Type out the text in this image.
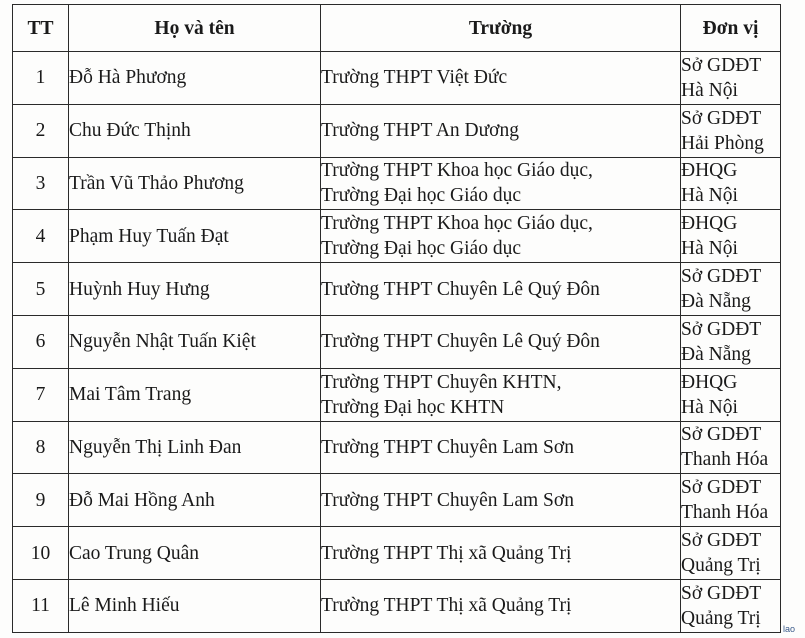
TT	Họ và tên	Trường	Đơn vị
1	Đỗ Hà Phương	Trường THPT Việt Đức	Sở GDĐT
Hà Nội

2	Chu Đức Thịnh	Trường THPT An Dương	Sở GDĐT
Hải Phòng

3	Trần Vũ Thảo Phương	Trường THPT Khoa học Giáo dục,
Trường Đại học Giáo dục	ĐHQG
Hà Nội

4	Phạm Huy Tuấn Đạt	Trường THPT Khoa học Giáo dục,
Trường Đại học Giáo dục	ĐHQG
Hà Nội

5	Huỳnh Huy Hưng	Trường THPT Chuyên Lê Quý Đôn	Sở GDĐT
Đà Nẵng

6	Nguyễn Nhật Tuấn Kiệt	Trường THPT Chuyên Lê Quý Đôn	Sở GDĐT
Đà Nẵng

7	Mai Tâm Trang	Trường THPT Chuyên KHTN,
Trường Đại học KHTN	ĐHQG
Hà Nội

8	Nguyễn Thị Linh Đan	Trường THPT Chuyên Lam Sơn	Sở GDĐT
Thanh Hóa

9	Đỗ Mai Hồng Anh	Trường THPT Chuyên Lam Sơn	Sở GDĐT
Thanh Hóa

10	Cao Trung Quân	Trường THPT Thị xã Quảng Trị	Sở GDĐT
Quảng Trị

11	Lê Minh Hiếu	Trường THPT Thị xã Quảng Trị	Sở GDĐT
Quảng Trị
lao
